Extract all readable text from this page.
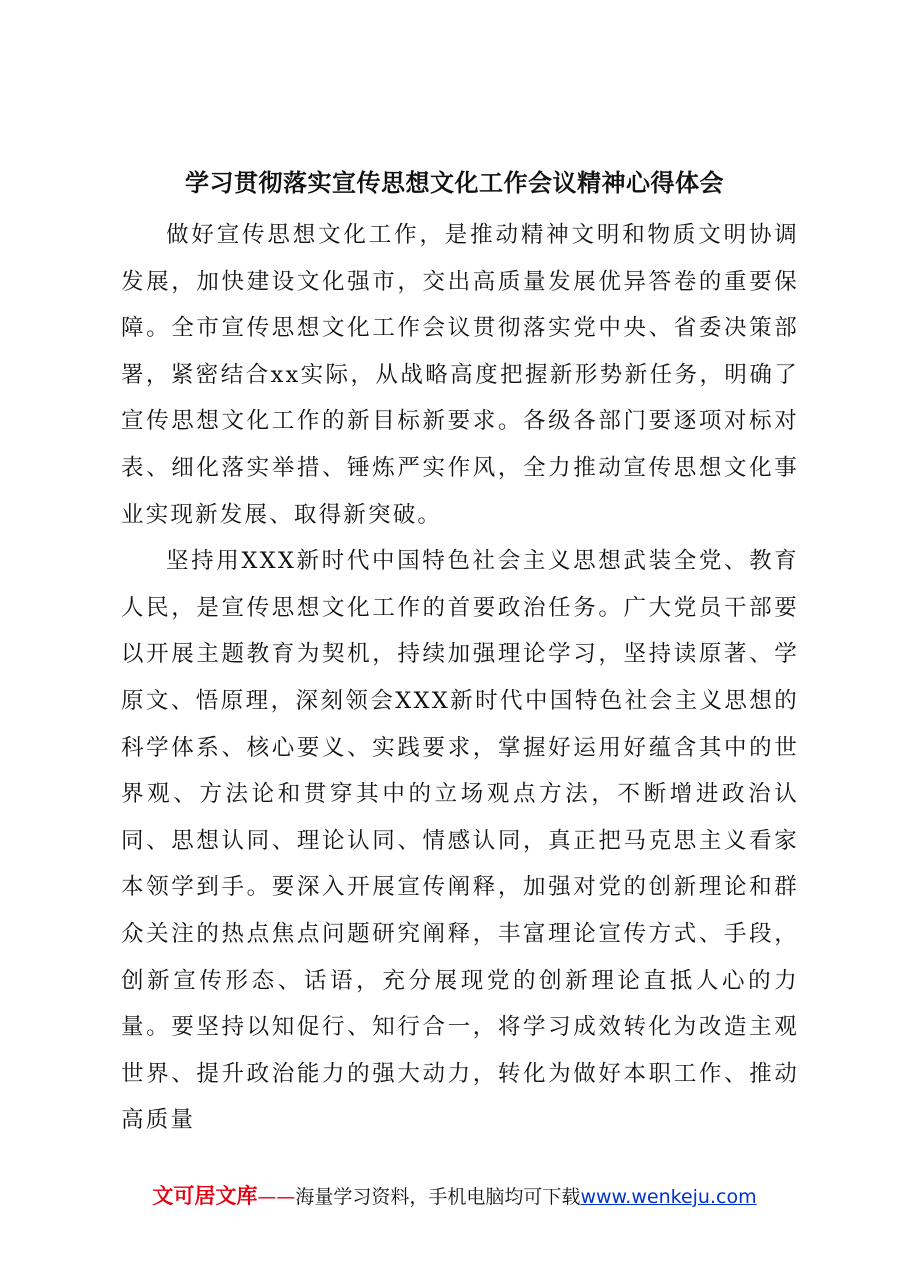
学习贯彻落实宣传思想文化工作会议精神心得体会

做好宣传思想文化工作，是推动精神文明和物质文明协调发展，加快建设文化强市，交出高质量发展优异答卷的重要保障。全市宣传思想文化工作会议贯彻落实党中央、省委决策部署，紧密结合xx实际，从战略高度把握新形势新任务，明确了宣传思想文化工作的新目标新要求。各级各部门要逐项对标对表、细化落实举措、锤炼严实作风，全力推动宣传思想文化事业实现新发展、取得新突破。

坚持用XXX新时代中国特色社会主义思想武装全党、教育人民，是宣传思想文化工作的首要政治任务。广大党员干部要以开展主题教育为契机，持续加强理论学习，坚持读原著、学原文、悟原理，深刻领会XXX新时代中国特色社会主义思想的科学体系、核心要义、实践要求，掌握好运用好蕴含其中的世界观、方法论和贯穿其中的立场观点方法，不断增进政治认同、思想认同、理论认同、情感认同，真正把马克思主义看家本领学到手。要深入开展宣传阐释，加强对党的创新理论和群众关注的热点焦点问题研究阐释，丰富理论宣传方式、手段，创新宣传形态、话语，充分展现党的创新理论直抵人心的力量。要坚持以知促行、知行合一，将学习成效转化为改造主观世界、提升政治能力的强大动力，转化为做好本职工作、推动高质量

文可居文库——海量学习资料，手机电脑均可下载www.wenkeju.com
